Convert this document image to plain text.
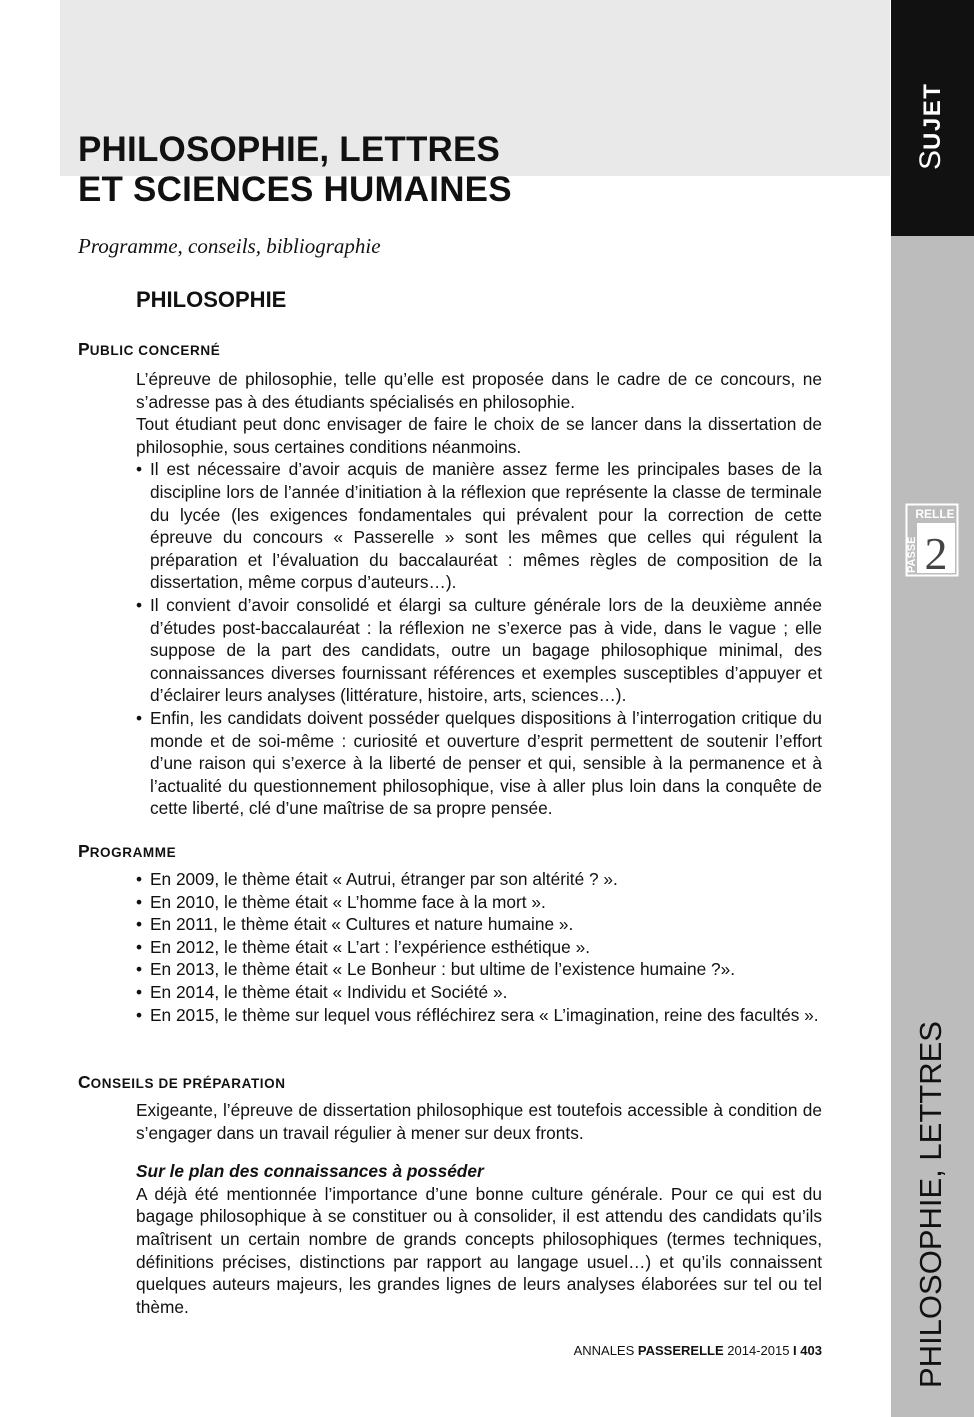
PHILOSOPHIE, LETTRES
ET SCIENCES HUMAINES

Programme, conseils, bibliographie

PHILOSOPHIE
PUBLIC CONCERNÉ

L’épreuve de philosophie, telle qu’elle est proposée dans le cadre de ce concours, ne s’adresse pas à des étudiants spécialisés en philosophie.

Tout étudiant peut donc envisager de faire le choix de se lancer dans la dissertation de philosophie, sous certaines conditions néanmoins.

• Il est nécessaire d’avoir acquis de manière assez ferme les principales bases de la discipline lors de l’année d’initiation à la réflexion que représente la classe de terminale du lycée (les exigences fondamentales qui prévalent pour la correction de cette épreuve du concours « Passerelle » sont les mêmes que celles qui régulent la préparation et l’évaluation du baccalauréat : mêmes règles de composition de la dissertation, même corpus d’auteurs…).
• Il convient d’avoir consolidé et élargi sa culture générale lors de la deuxième année d’études post-baccalauréat : la réflexion ne s’exerce pas à vide, dans le vague ; elle suppose de la part des candidats, outre un bagage philosophique minimal, des connaissances diverses fournissant références et exemples susceptibles d’appuyer et d’éclairer leurs analyses (littérature, histoire, arts, sciences…).
• Enfin, les candidats doivent posséder quelques dispositions à l’interrogation critique du monde et de soi-même : curiosité et ouverture d’esprit permettent de soutenir l’effort d’une raison qui s’exerce à la liberté de penser et qui, sensible à la permanence et à l’actualité du questionnement philosophique, vise à aller plus loin dans la conquête de cette liberté, clé d’une maîtrise de sa propre pensée.
PROGRAMME
• En 2009, le thème était « Autrui, étranger par son altérité ? ».
• En 2010, le thème était « L’homme face à la mort ».
• En 2011, le thème était « Cultures et nature humaine ».
• En 2012, le thème était « L’art : l’expérience esthétique ».
• En 2013, le thème était « Le Bonheur : but ultime de l’existence humaine ?».
• En 2014, le thème était « Individu et Société ».
• En 2015, le thème sur lequel vous réfléchirez sera « L’imagination, reine des facultés ».
CONSEILS DE PRÉPARATION

Exigeante, l’épreuve de dissertation philosophique est toutefois accessible à condition de s’engager dans un travail régulier à mener sur deux fronts.

Sur le plan des connaissances à posséder

A déjà été mentionnée l’importance d’une bonne culture générale. Pour ce qui est du bagage philosophique à se constituer ou à consolider, il est attendu des candidats qu’ils maîtrisent un certain nombre de grands concepts philosophiques (termes techniques, définitions précises, distinctions par rapport au langage usuel…) et qu’ils connaissent quelques auteurs majeurs, les grandes lignes de leurs analyses élaborées sur tel ou tel thème.

ANNALES PASSERELLE 2014-2015 I 403
SUJET
RELLE
PASSE 2
PHILOSOPHIE, LETTRES
